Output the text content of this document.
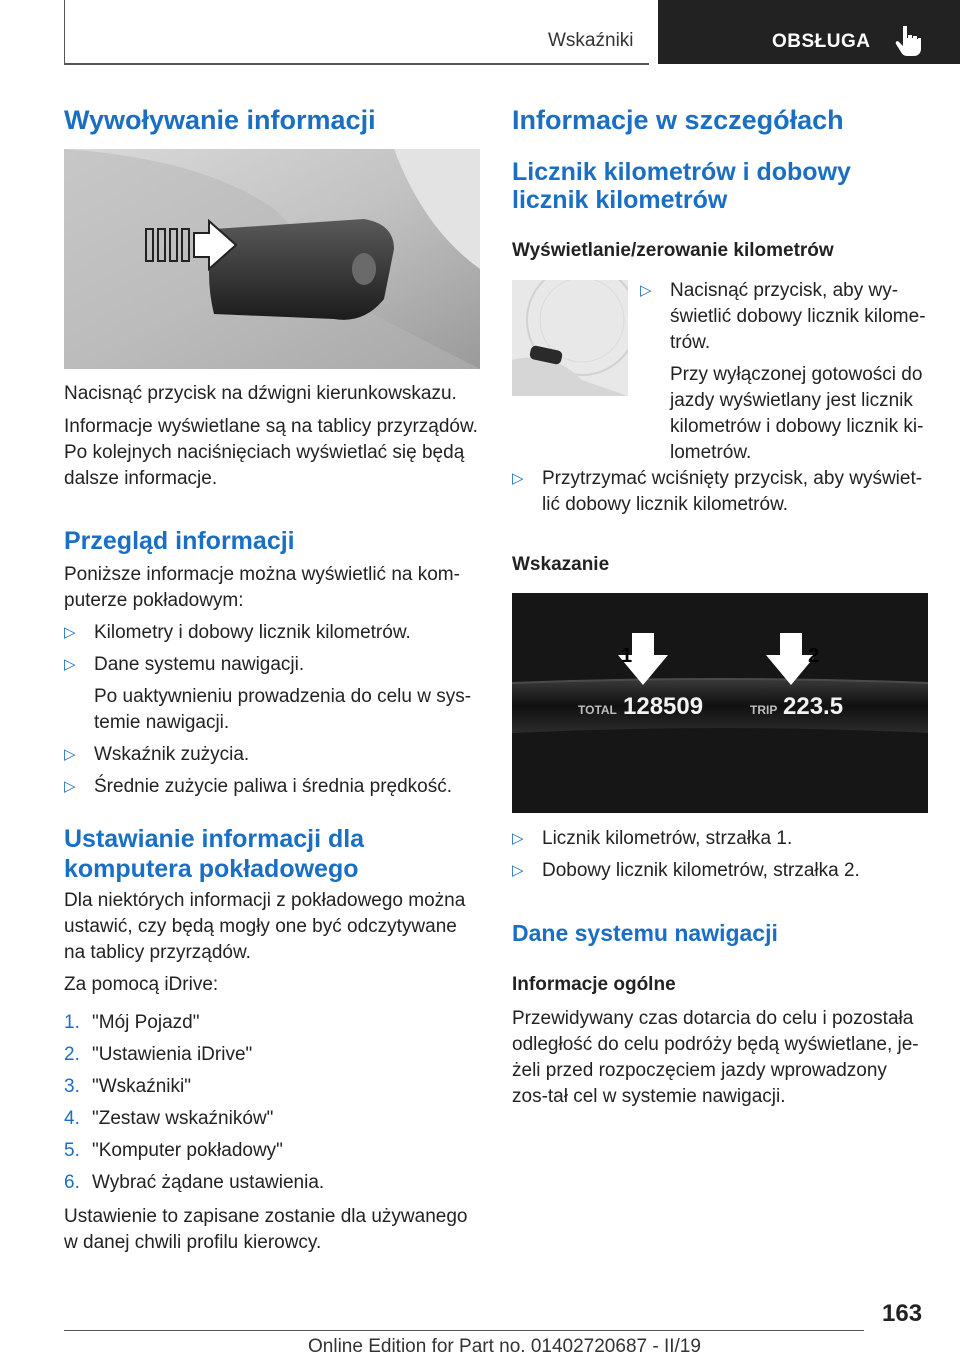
Wskaźniki	OBSŁUGA
Wywoływanie informacji

Nacisnąć przycisk na dźwigni kierunkowskazu.

Informacje wyświetlane są na tablicy przyrządów. Po kolejnych naciśnięciach wyświetlać się będą dalsze informacje.

Przegląd informacji

Poniższe informacje można wyświetlić na kom-puterze pokładowym:

▷ Kilometry i dobowy licznik kilometrów.
▷ Dane systemu nawigacji.

Po uaktywnieniu prowadzenia do celu w sys-temie nawigacji.

▷ Wskaźnik zużycia.
▷ Średnie zużycie paliwa i średnia prędkość.
Ustawianie informacji dla komputera pokładowego

Dla niektórych informacji z pokładowego można ustawić, czy będą mogły one być odczytywane na tablicy przyrządów.

Za pomocą iDrive:

1. "Mój Pojazd"

2. "Ustawienia iDrive"

3. "Wskaźniki"

4. "Zestaw wskaźników"

5. "Komputer pokładowy"

6. Wybrać żądane ustawienia.

Ustawienie to zapisane zostanie dla używanego w danej chwili profilu kierowcy.

Informacje w szczegółach
Licznik kilometrów i dobowy licznik kilometrów
Wyświetlanie/zerowanie kilometrów
▷ Nacisnąć przycisk, aby wy-świetlić dobowy licznik kilome-trów.

Przy wyłączonej gotowości do jazdy wyświetlany jest licznik kilometrów i dobowy licznik ki-lometrów.

▷ Przytrzymać wciśnięty przycisk, aby wyświet-lić dobowy licznik kilometrów.
Wskazanie
1	2
TOTAL 128509	TRIP 223.5
▷ Licznik kilometrów, strzałka 1.
▷ Dobowy licznik kilometrów, strzałka 2.
Dane systemu nawigacji
Informacje ogólne

Przewidywany czas dotarcia do celu i pozostała odległość do celu podróży będą wyświetlane, je-żeli przed rozpoczęciem jazdy wprowadzony zos-tał cel w systemie nawigacji.

163
Online Edition for Part no. 01402720687 - II/19
